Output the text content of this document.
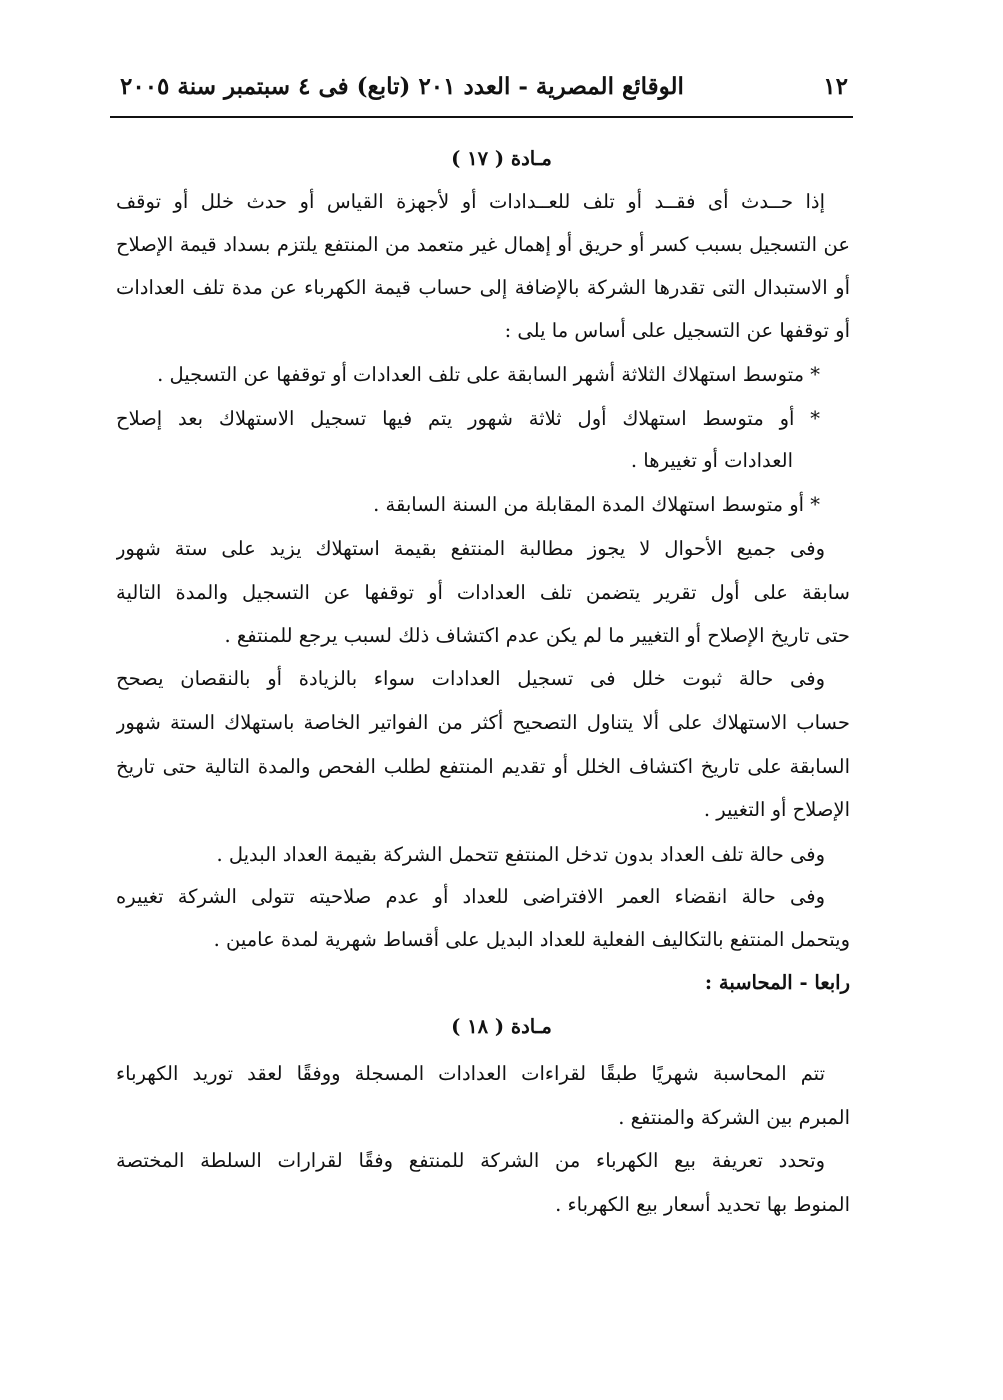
١٢
الوقائع المصرية - العدد ٢٠١ (تابع) فى ٤ سبتمبر سنة ٢٠٠٥
مـادة ( ١٧ )
إذا حــدث أى فقــد أو تلف للعــدادات أو لأجهزة القياس أو حدث خلل أو توقف
عن التسجيل بسبب كسر أو حريق أو إهمال غير متعمد من المنتفع يلتزم بسداد قيمة الإصلاح
أو الاستبدال التى تقدرها الشركة بالإضافة إلى حساب قيمة الكهرباء عن مدة تلف العدادات
أو توقفها عن التسجيل على أساس ما يلى :
* متوسط استهلاك الثلاثة أشهر السابقة على تلف العدادات أو توقفها عن التسجيل .
* أو متوسط استهلاك أول ثلاثة شهور يتم فيها تسجيل الاستهلاك بعد إصلاح
العدادات أو تغييرها .
* أو متوسط استهلاك المدة المقابلة من السنة السابقة .
وفى جميع الأحوال لا يجوز مطالبة المنتفع بقيمة استهلاك يزيد على ستة شهور
سابقة على أول تقرير يتضمن تلف العدادات أو توقفها عن التسجيل والمدة التالية
حتى تاريخ الإصلاح أو التغيير ما لم يكن عدم اكتشاف ذلك لسبب يرجع للمنتفع .
وفى حالة ثبوت خلل فى تسجيل العدادات سواء بالزيادة أو بالنقصان يصحح
حساب الاستهلاك على ألا يتناول التصحيح أكثر من الفواتير الخاصة باستهلاك الستة شهور
السابقة على تاريخ اكتشاف الخلل أو تقديم المنتفع لطلب الفحص والمدة التالية حتى تاريخ
الإصلاح أو التغيير .
وفى حالة تلف العداد بدون تدخل المنتفع تتحمل الشركة بقيمة العداد البديل .
وفى حالة انقضاء العمر الافتراضى للعداد أو عدم صلاحيته تتولى الشركة تغييره
ويتحمل المنتفع بالتكاليف الفعلية للعداد البديل على أقساط شهرية لمدة عامين .
رابعا - المحاسبة :
مـادة ( ١٨ )
تتم المحاسبة شهريًا طبقًا لقراءات العدادات المسجلة ووفقًا لعقد توريد الكهرباء
المبرم بين الشركة والمنتفع .
وتحدد تعريفة بيع الكهرباء من الشركة للمنتفع وفقًا لقرارات السلطة المختصة
المنوط بها تحديد أسعار بيع الكهرباء .
